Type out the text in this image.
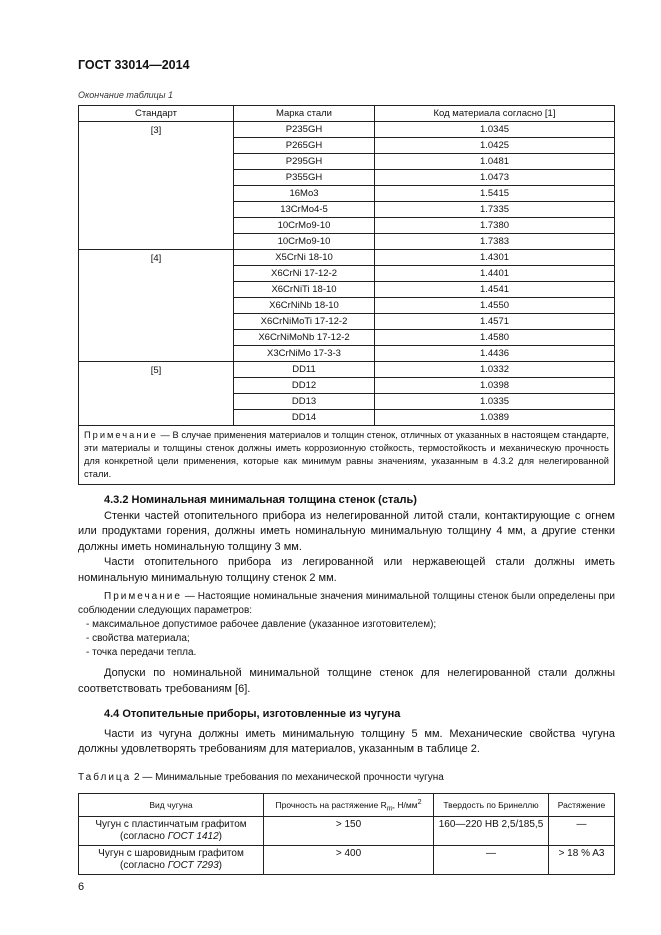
ГОСТ 33014—2014
Окончание таблицы 1
Стандарт	Марка стали	Код материала согласно [1]
[3]	P235GH	1.0345
	P265GH	1.0425
	P295GH	1.0481
	P355GH	1.0473
	16Mo3	1.5415
	13CrMo4-5	1.7335
	10CrMo9-10	1.7380
	10CrMo9-10	1.7383
[4]	X5CrNi 18-10	1.4301
	X6CrNi 17-12-2	1.4401
	X6CrNiTi 18-10	1.4541
	X6CrNiNb 18-10	1.4550
	X6CrNiMoTi 17-12-2	1.4571
	X6CrNiMoNb 17-12-2	1.4580
	X3CrNiMo 17-3-3	1.4436
[5]	DD11	1.0332
	DD12	1.0398
	DD13	1.0335
	DD14	1.0389
Примечание — В случае применения материалов и толщин стенок, отличных от указанных в настоящем стандарте, эти материалы и толщины стенок должны иметь коррозионную стойкость, термостойкость и механическую прочность для конкретной цели применения, которые как минимум равны значениям, указанным в 4.3.2 для нелегированной стали.		
4.3.2 Номинальная минимальная толщина стенок (сталь)
Стенки частей отопительного прибора из нелегированной литой стали, контактирующие с огнем или продуктами горения, должны иметь номинальную минимальную толщину 4 мм, а другие стенки должны иметь номинальную толщину 3 мм.
Части отопительного прибора из легированной или нержавеющей стали должны иметь номинальную минимальную толщину стенок 2 мм.
Примечание — Настоящие номинальные значения минимальной толщины стенок были определены при соблюдении следующих параметров:
- максимальное допустимое рабочее давление (указанное изготовителем);
- свойства материала;
- точка передачи тепла.
Допуски по номинальной минимальной толщине стенок для нелегированной стали должны соответствовать требованиям [6].
4.4 Отопительные приборы, изготовленные из чугуна
Части из чугуна должны иметь минимальную толщину 5 мм. Механические свойства чугуна должны удовлетворять требованиям для материалов, указанным в таблице 2.
Таблица 2 — Минимальные требования по механической прочности чугуна
Вид чугуна	Прочность на растяжение $R_m$, $Н/мм^2$	Твердость по Бринеллю	Растяжение

Чугун с пластинчатым графитом
(согласно ГОСТ 1412)	> 150	160—220 HB 2,5/185,5	—

Чугун с шаровидным графитом
(согласно ГОСТ 7293)	> 400	—	> 18 % A3
6
